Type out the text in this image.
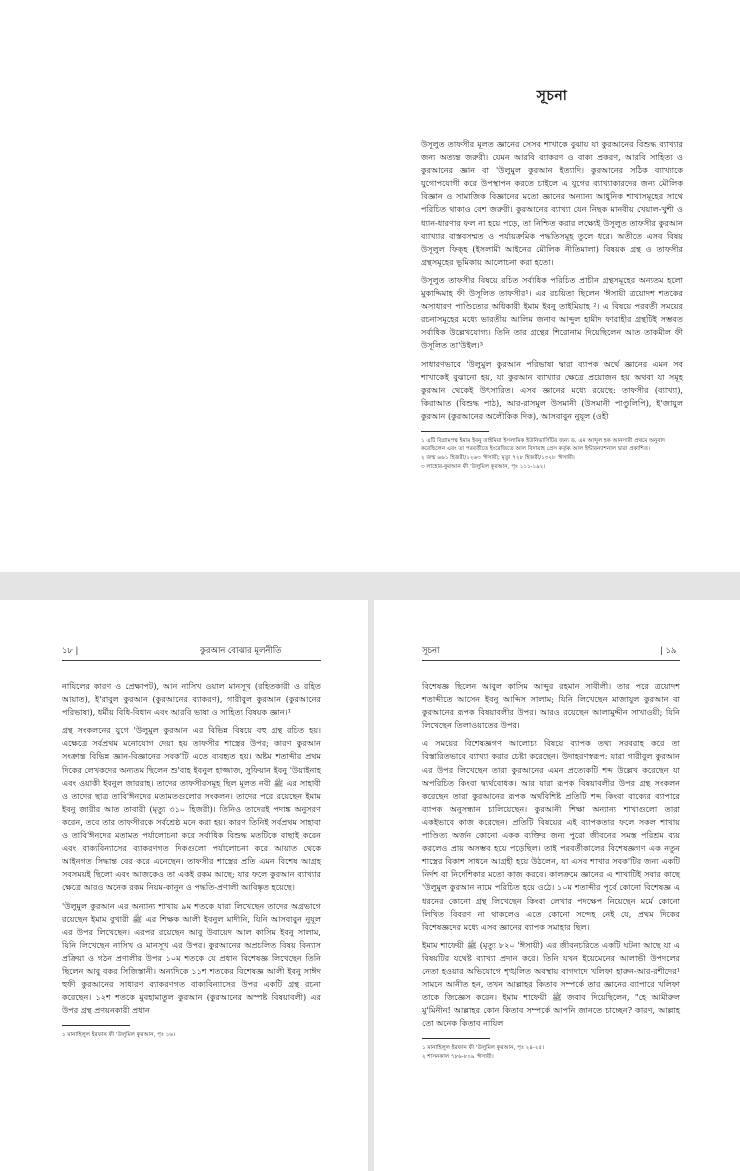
সূচনা

উসূলুত তাফসীর মূলত জ্ঞানের সেসব শাখাকে বুঝায় যা কুরআনের বিশুদ্ধ ব্যাখ্যার জন্য অত্যন্ত জরুরী। যেমন আরবি ব্যাকরণ ও বাক্য প্রকরণ, আরবি সাহিত্য ও কুরআনের জ্ঞান বা 'উলুমুল কুরআন ইত্যাদি। কুরআনের সঠিক ব্যাখ্যাকে যুগোপযোগী করে উপস্থাপন করতে চাইলে এ যুগের ব্যাখ্যাকারদের জন্য মৌলিক বিজ্ঞান ও সামাজিক বিজ্ঞানের মতো জ্ঞানের অন্যান্য আধুনিক শাখাসমূহের সাথে পরিচিত থাকাও বেশ জরুরী। কুরআনের ব্যাখ্যা যেন নিছক মানবীয় খেয়াল-খুশী ও ধ্যান-ধারণার ফল না হয়ে পড়ে, তা নিশ্চিত করার লক্ষ্যেই উসূলুত তাফসীর কুরআন ব্যাখ্যার বাস্তবসম্মত ও পর্যায়ক্রমিক পদ্ধতিসমূহ তুলে ধরে। অতীতে এসব বিষয় উসূলুল ফিক্হ (ইসলামী আইনের মৌলিক নীতিমালা) বিষয়ক গ্রন্থ ও তাফসীর গ্রন্থসমূহের ভূমিকায় আলোচনা করা হতো।

উসূলুত তাফসীর বিষয়ে রচিত সর্বাধিক পরিচিত প্রাচীন গ্রন্থসমূহের অন্যতম হলো মুকাদ্দিমাহ ফী উসূলিত তাফসীর¹। এর রচয়িতা ছিলেন 'ঈসায়ী ত্রয়োদশ শতকের অসাধারণ পাণ্ডিত্যের অধিকারী ইমাম ইবনু তাইমিয়াহ ²। এ বিষয়ে পরবর্তী সময়ের রচনাসমূহের মধ্যে ভারতীয় আলিম জনাব আব্দুল হামীদ ফারাহীর গ্রন্থটিই সম্ভবত সর্বাধিক উল্লেখযোগ্য। তিনি তার গ্রন্থের শিরোনাম দিয়েছিলেন আত তাকমীল ফী উসূলিত তা'উইল।³

সাধারণভাবে 'উলুমুল কুরআন পরিভাষা দ্বারা ব্যাপক অর্থে জ্ঞানের এমন সব শাখাকেই বুঝানো হয়, যা কুরআন ব্যাখ্যার ক্ষেত্রে প্রয়োজন হয় অথবা যা সমূহ কুরআন থেকেই উৎসারিত। এসব জ্ঞানের মধ্যে রয়েছে: তাফসীর (ব্যাখ্যা), কিরাআত (বিশুদ্ধ পাঠ), আর-রাসমুল উসমানী (উসমানী পাণ্ডুলিপি), ই'জাযুল কুরআন (কুরআনের অলৌকিক দিক), আসবাবুন নুযূল (ওহী

১ এটি বিগ্রামপন্থ ইমাম ইবনু তাইমিয়া ইসলামিক ইউনিভার্সিটির জন্য ড. এম আব্দুল হক আনসারী প্রথমে অনুবাদ করেছিলেন এবং তা পরবর্তীতে ইংরেজিতে আল বিদায়াহ প্রেস কর্তৃক আল ইন্টারন্যাশনাল দ্বারা প্রকাশিত।

২ জন্ম ৬৬১ হিজরী/১২৬৩ 'ঈসায়ী; মৃত্যু ৭২৮ হিজরী/১৩২৮ 'ঈসায়ী।

৩ লাহোর-কুরআন ফী 'উলুমিল কুরআন, পৃঃ ১১১-১৯২।

১৮ |	কুরআন বোঝার মূলনীতি

নাযিলের কারণ ও প্রেক্ষাপট), আন নাসিখ ওয়াল মানসূখ (রহিতকারী ও রহিত আয়াত), ই'রাবুল কুরআন (কুরআনের ব্যাকরণ), গারীবুল কুরআন (কুরআনের পরিভাষা), ধর্মীয় বিধি-বিধান এবং আরবি ভাষা ও সাহিত্য বিষয়ক জ্ঞান।¹

গ্রন্থ সংকলনের যুগে 'উলুমুল কুরআন এর বিভিন্ন বিষয়ে বহু গ্রন্থ রচিত হয়। এক্ষেত্রে সর্বপ্রথম মনোযোগ দেয়া হয় তাফসীর শাস্ত্রের উপর; কারণ কুরআন সংক্রান্ত বিভিন্ন জ্ঞান-বিজ্ঞানের সবক'টি এতে ব্যবহৃত হয়। অষ্টম শতাব্দীর প্রথম দিকের লেখকদের অন্যতম ছিলেন শু'বাহ ইবনুল হাজ্জাজ, সুফিয়ান ইবনু 'উয়াইনাহ এবং ওয়াকী ইবনুল জাররাহ। তাদের তাফসীরসমূহ ছিল মূলত নবী ﷺ এর সাহাবী ও তাদের ছাত্র তাবি'ঈনদের মতামতগুলোর সংকলন। তাদের পরে রয়েছেন ইমাম ইবনু জারীর আত তাবারী (মৃত্যু ৩১০ হিজরী)। তিনিও তাদেরই পদাঙ্ক অনুসরণ করেন, তবে তার তাফসীরকে সর্বশ্রেষ্ঠ মনে করা হয়। কারণ তিনিই সর্বপ্রথম সাহাবা ও তাবি'ঈনদের মতামত পর্যালোচনা করে সর্বাধিক বিশুদ্ধ মতটিকে বাছাই করেন এবং বাক্যবিন্যাসের ব্যাকরণগত দিকগুলো পর্যালোচনা করে আয়াত থেকে আইনগত সিদ্ধান্ত বের করে এনেছেন। তাফসীর শাস্ত্রের প্রতি এমন বিশেষ আগ্রহ সবসময়ই ছিলো এবং আজকেও তা একই রকম আছে; যার ফলে কুরআন ব্যাখ্যার ক্ষেত্রে আরও অনেক রকম নিয়ম-কানুন ও পদ্ধতি-প্রণালী আবিষ্কৃত হয়েছে।

'উলুমুল কুরআন এর অন্যান্য শাখায় ৯ম শতকে যারা লিখেছেন তাদের অগ্রভাগে রয়েছেন ইমাম বুখারী ﷺ এর শিক্ষক আলী ইবনুল মাদীনি, যিনি আসবাবুন নুযূল এর উপর লিখেছেন। এরপর রয়েছেন আবু উবায়েদ আল কাসিম ইবনু সালাম, যিনি লিখেছেন নাসিখ ও মানসূখ এর উপর। কুরআনের অপ্রচলিত বিষয় বিন্যাস প্রক্রিয়া ও গঠন প্রণালীর উপর ১০ম শতকে যে প্রধান বিশেষজ্ঞ লিখেছেন তিনি ছিলেন আবু বকর সিজিস্তানী। অন্যদিকে ১১শ শতকের বিশেষজ্ঞ আলী ইবনু সাঈদ হুফী কুরআনের সাধারণ ব্যাকরণগত বাক্যবিন্যাসের উপর একটি গ্রন্থ রচনা করেছেন। ১২শ শতকে মুবহামাতুল কুরআন (কুরআনের অস্পষ্ট বিষয়াবলী) এর উপর গ্রন্থ প্রণয়নকারী প্রধান

১ মানাহিলুল ইরফান ফী 'উলুমিল কুরআন, পৃঃ ১৬।

সূচনা	| ১৯

বিশেষজ্ঞ ছিলেন আবুল কাসিম আব্দুর রহমান সাবীলী। তার পরে ত্রয়োদশ শতাব্দীতে আসেন ইবনু আব্দিস সালাম; যিনি লিখেছেন মাজাযুল কুরআন বা কুরআনের রূপক বিষয়াবলীর উপর। আরও রয়েছেন আলামুদ্দীন সাখাওয়ী; যিনি লিখেছেন তিলাওয়াতের উপর।

এ সময়ের বিশেষজ্ঞগণ আলোচ্য বিষয়ে ব্যাপক তথ্য সরবরাহ করে তা বিস্তারিতভাবে ব্যাখ্যা করার চেষ্টা করেছেন। উদাহরণস্বরূপ: যারা গারীবুল কুরআন এর উপর লিখেছেন তারা কুরআনের এমন প্রত্যেকটি শব্দ উল্লেখ করেছেন যা অপরিচিত কিংবা দ্ব্যর্থবোধক। আর যারা রূপক বিষয়াবলীর উপর গ্রন্থ সংকলন করেছেন তারা কুরআনের রূপক অর্থবিশিষ্ট প্রতিটি শব্দ কিংবা বাক্যের ব্যাপারে ব্যাপক অনুসন্ধান চালিয়েছেন। কুরআনী শিক্ষা অন্যান্য শাখাগুলো তারা একইভাবে কাজ করেছেন। প্রতিটি বিষয়ের এই ব্যাপকতার ফলে সকল শাখায় পাণ্ডিত্য অর্জন কোনো একক ব্যক্তির জন্য পুরো জীবনের সমস্ত পরিশ্রম ব্যয় করলেও প্রায় অসম্ভব হয়ে পড়েছিল। তাই পরবর্তীকালের বিশেষজ্ঞগণ এক নতুন শাস্ত্রের বিকাশ সাধনে আগ্রহী হয়ে উঠলেন, যা এসব শাখার সবক'টির জন্য একটি নির্দশ বা নির্দেশিকার মতো কাজ করবে। কালক্রমে জ্ঞানের এ শাখাটিই সবার কাছে 'উলুমুল কুরআন নামে পরিচিত হয়ে ওঠে। ১০ম শতাব্দীর পূর্বে কোনো বিশেষজ্ঞ এ ধরনের কোনো গ্রন্থ লিখেছেন কিংবা লেখার পদক্ষেপ নিয়েছেন মর্মে কোনো লিখিত বিবরণ না থাকলেও এতে কোনো সন্দেহ নেই যে, প্রথম দিকের বিশেষজ্ঞদের মধ্যে এসব জ্ঞানের ব্যাপক সমাহার ছিল।

ইমাম শাফেয়ী ﷺ (মৃত্যু ৮২০ 'ঈসায়ী) এর জীবনচরিতে একটি ঘটনা আছে যা এ বিষয়টির যথেষ্ট ব্যাখ্যা প্রদান করে। তিনি যখন ইয়েমেনের আলাভী উপদলের নেতা হওয়ার অভিযোগে শৃঙ্খলিত অবস্থায় বাগদাদে খলিফা হারুন-আর-রশীদের¹ সামনে আনীত হন, তখন আল্লাহর কিতাব সম্পর্কে তার জ্ঞানের ব্যাপারে খলিফা তাকে জিজ্ঞেস করেন। ইমাম শাফেয়ী ﷺ জবাব দিয়েছিলেন, "হে আমীরুল মু'মিনীন! আল্লাহর কোন কিতাব সম্পর্কে আপনি জানতে চাচ্ছেন? কারণ, আল্লাহ তো অনেক কিতাব নাযিল

১ মানাহিলুল ইরফান ফী 'উলুমিল কুরআন, পৃঃ ২৪-২৫।

২ শাসনকাল ৭৮৬-৮০৯ 'ঈসায়ী।
